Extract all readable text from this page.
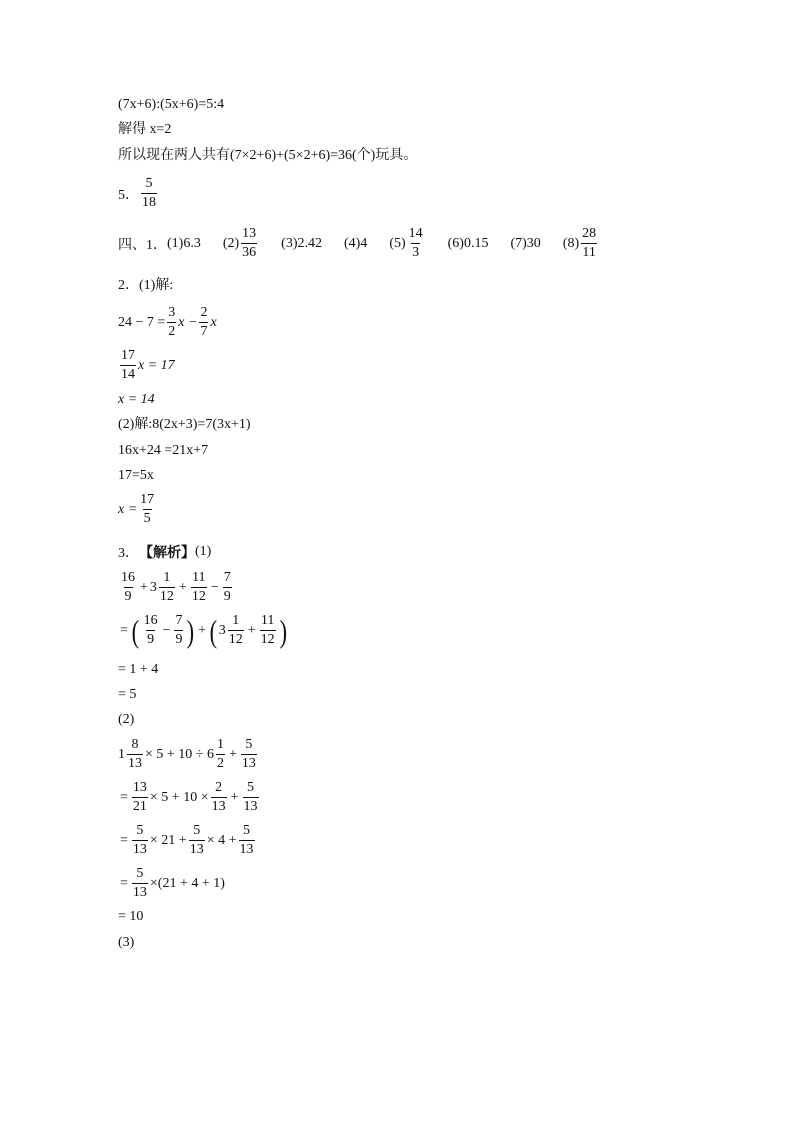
(7x+6):(5x+6)=5:4
解得 x=2
所以现在两人共有(7×2+6)+(5×2+6)=36(个)玩具。
5． $\frac{5}{18}$
四、1． (1)6.3 $(2) \frac{13}{36} (3)2.42$ (4)4 $(5) \frac{14}{3} (6)0.15$ (7)30 $(8) \frac{28}{11}$
2．(1)解:
$24 - 7 = \frac{3}{2}$ $x - \frac{2}{7}$ x
$\frac{17}{14}$ x = 17
x = 14
(2)解:8(2x+3)=7(3x+1)
16x+24 =21x+7
17=5x
$x = \frac{17}{5}$
3． 【解析】 (1)
$\frac{16}{9} + 3 \frac{1}{12} + \frac{11}{12} - \frac{7}{9}$
= ( $\frac{16}{9} - \frac{7}{9}$ ) + ( $3 \frac{1}{12} + \frac{11}{12}$ )
= 1 + 4
= 5
(2)
$1 \frac{8}{13} \times 5 + 10 \div 6 \frac{1}{2} + \frac{5}{13}$
= $\frac{13}{21} \times 5 + 10 \times \frac{2}{13} + \frac{5}{13}$
= $\frac{5}{13} \times 21 + \frac{5}{13} \times 4 + \frac{5}{13}$
= $\frac{5}{13} \times(21 + 4 + 1)$
= 10
(3)
